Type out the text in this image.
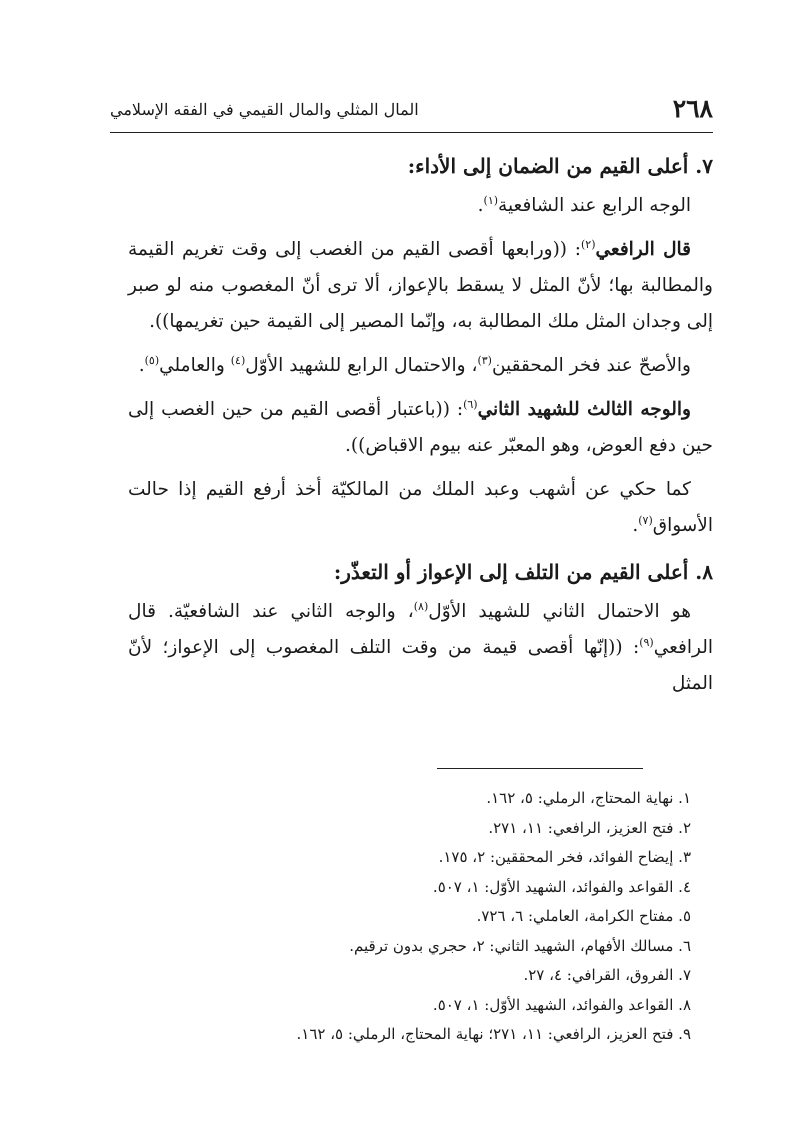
٢٦٨
المال المثلي والمال القيمي في الفقه الإسلامي
٧. أعلى القيم من الضمان إلى الأداء:

الوجه الرابع عند الشافعية$^{(١)}$.

قال الرافعي$^{(٢)}$: ((ورابعها أقصى القيم من الغصب إلى وقت تغريم القيمة والمطالبة بها؛ لأنّ المثل لا يسقط بالإعواز، ألا ترى أنّ المغصوب منه لو صبر إلى وجدان المثل ملك المطالبة به، وإنّما المصير إلى القيمة حين تغريمها)).

والأصحّ عند فخر المحققين$^{(٣)}$، والاحتمال الرابع للشهيد الأوّل$^{(٤)}$ والعاملي$^{(٥)}$.

والوجه الثالث للشهيد الثاني$^{(٦)}$: ((باعتبار أقصى القيم من حين الغصب إلى حين دفع العوض، وهو المعبّر عنه بيوم الاقباض)).

كما حكي عن أشهب وعبد الملك من المالكيّة أخذ أرفع القيم إذا حالت الأسواق$^{(٧)}$.

٨. أعلى القيم من التلف إلى الإعواز أو التعذّر:

هو الاحتمال الثاني للشهيد الأوّل$^{(٨)}$، والوجه الثاني عند الشافعيّة. قال الرافعي$^{(٩)}$: ((إنّها أقصى قيمة من وقت التلف المغصوب إلى الإعواز؛ لأنّ المثل

١. نهاية المحتاج، الرملي: ٥، ١٦٢.
٢. فتح العزيز، الرافعي: ١١، ٢٧١.
٣. إيضاح الفوائد، فخر المحققين: ٢، ١٧٥.
٤. القواعد والفوائد، الشهيد الأوّل: ١، ٥٠٧.
٥. مفتاح الكرامة، العاملي: ٦، ٧٢٦.
٦. مسالك الأفهام، الشهيد الثاني: ٢، حجري بدون ترقيم.
٧. الفروق، القرافي: ٤، ٢٧.
٨. القواعد والفوائد، الشهيد الأوّل: ١، ٥٠٧.
٩. فتح العزيز، الرافعي: ١١، ٢٧١؛ نهاية المحتاج، الرملي: ٥، ١٦٢.
